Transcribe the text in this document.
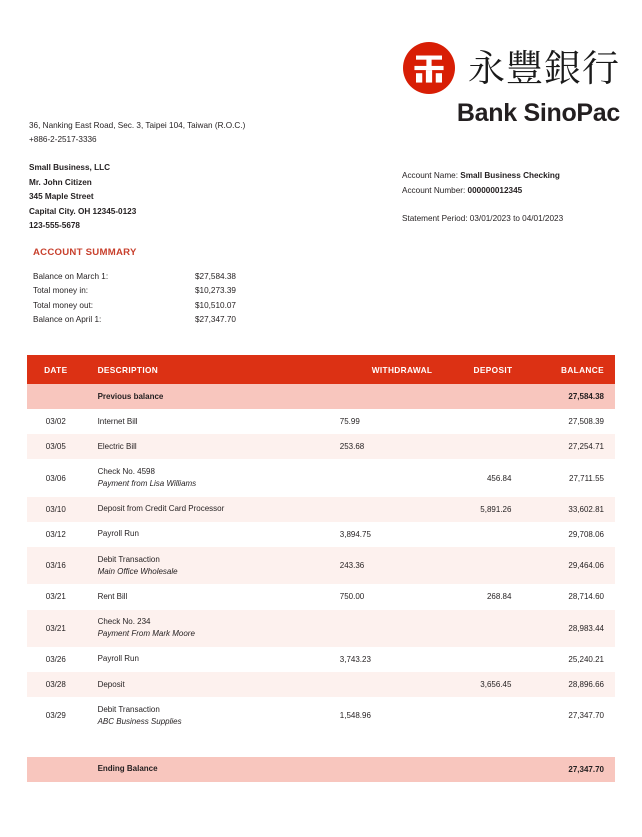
永豐銀行
Bank SinoPac
36, Nanking East Road, Sec. 3, Taipei 104, Taiwan (R.O.C.)
+886-2-2517-3336
Small Business, LLC
Mr. John Citizen
345 Maple Street
Capital City. OH 12345-0123
123-555-5678
Account Name: Small Business Checking
Account Number: 000000012345
Statement Period: 03/01/2023 to 04/01/2023
ACCOUNT SUMMARY
Balance on March 1:	$27,584.38
Total money in:	$10,273.39
Total money out:	$10,510.07
Balance on April 1:	$27,347.70
DATE	DESCRIPTION	WITHDRAWAL	DEPOSIT	BALANCE
	Previous balance			27,584.38
03/02	Internet Bill	75.99		27,508.39
03/05	Electric Bill	253.68		27,254.71
03/06	Check No. 4598
Payment from Lisa Williams		456.84	27,711.55
03/10	Deposit from Credit Card Processor		5,891.26	33,602.81
03/12	Payroll Run	3,894.75		29,708.06
03/16	Debit Transaction
Main Office Wholesale	243.36		29,464.06
03/21	Rent Bill	750.00	268.84	28,714.60
03/21	Check No. 234
Payment From Mark Moore			28,983.44
03/26	Payroll Run	3,743.23		25,240.21
03/28	Deposit		3,656.45	28,896.66
03/29	Debit Transaction
ABC Business Supplies	1,548.96		27,347.70

	Ending Balance			27,347.70
